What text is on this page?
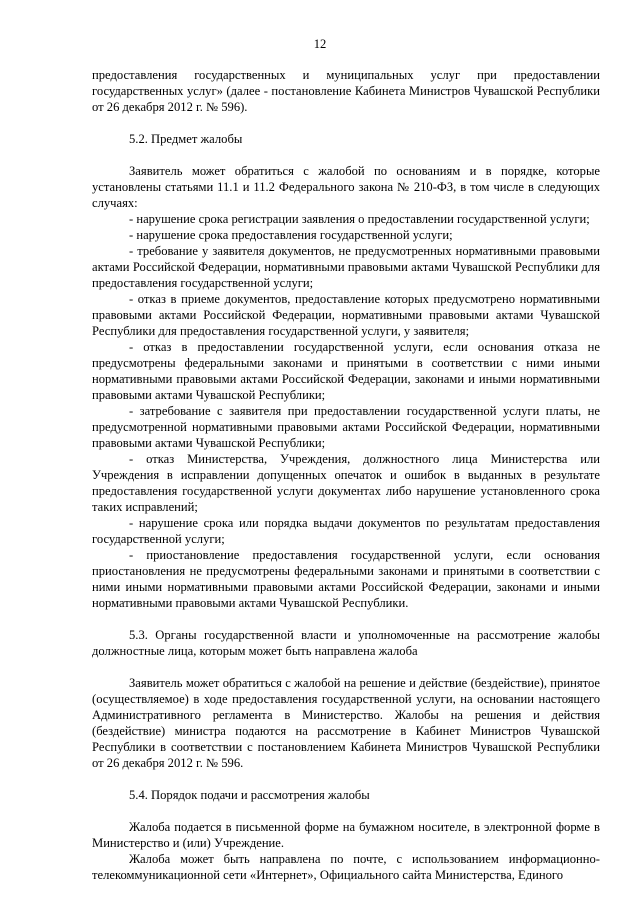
12

предоставления государственных и муниципальных услуг при предоставлении государственных услуг» (далее - постановление Кабинета Министров Чувашской Республики от 26 декабря 2012 г. № 596).

5.2. Предмет жалобы

Заявитель может обратиться с жалобой по основаниям и в порядке, которые установлены статьями 11.1 и 11.2 Федерального закона № 210-ФЗ, в том числе в следующих случаях:

- нарушение срока регистрации заявления о предоставлении государственной услуги;

- нарушение срока предоставления государственной услуги;

- требование у заявителя документов, не предусмотренных нормативными правовыми актами Российской Федерации, нормативными правовыми актами Чувашской Республики для предоставления государственной услуги;

- отказ в приеме документов, предоставление которых предусмотрено нормативными правовыми актами Российской Федерации, нормативными правовыми актами Чувашской Республики для предоставления государственной услуги, у заявителя;

- отказ в предоставлении государственной услуги, если основания отказа не предусмотрены федеральными законами и принятыми в соответствии с ними иными нормативными правовыми актами Российской Федерации, законами и иными нормативными правовыми актами Чувашской Республики;

- затребование с заявителя при предоставлении государственной услуги платы, не предусмотренной нормативными правовыми актами Российской Федерации, нормативными правовыми актами Чувашской Республики;

- отказ Министерства, Учреждения, должностного лица Министерства или Учреждения в исправлении допущенных опечаток и ошибок в выданных в результате предоставления государственной услуги документах либо нарушение установленного срока таких исправлений;

- нарушение срока или порядка выдачи документов по результатам предоставления государственной услуги;

- приостановление предоставления государственной услуги, если основания приостановления не предусмотрены федеральными законами и принятыми в соответствии с ними иными нормативными правовыми актами Российской Федерации, законами и иными нормативными правовыми актами Чувашской Республики.

5.3. Органы государственной власти и уполномоченные на рассмотрение жалобы должностные лица, которым может быть направлена жалоба

Заявитель может обратиться с жалобой на решение и действие (бездействие), принятое (осуществляемое) в ходе предоставления государственной услуги, на основании настоящего Административного регламента в Министерство. Жалобы на решения и действия (бездействие) министра подаются на рассмотрение в Кабинет Министров Чувашской Республики в соответствии с постановлением Кабинета Министров Чувашской Республики от 26 декабря 2012 г. № 596.

5.4. Порядок подачи и рассмотрения жалобы

Жалоба подается в письменной форме на бумажном носителе, в электронной форме в Министерство и (или) Учреждение.

Жалоба может быть направлена по почте, с использованием информационно-телекоммуникационной сети «Интернет», Официального сайта Министерства, Единого
